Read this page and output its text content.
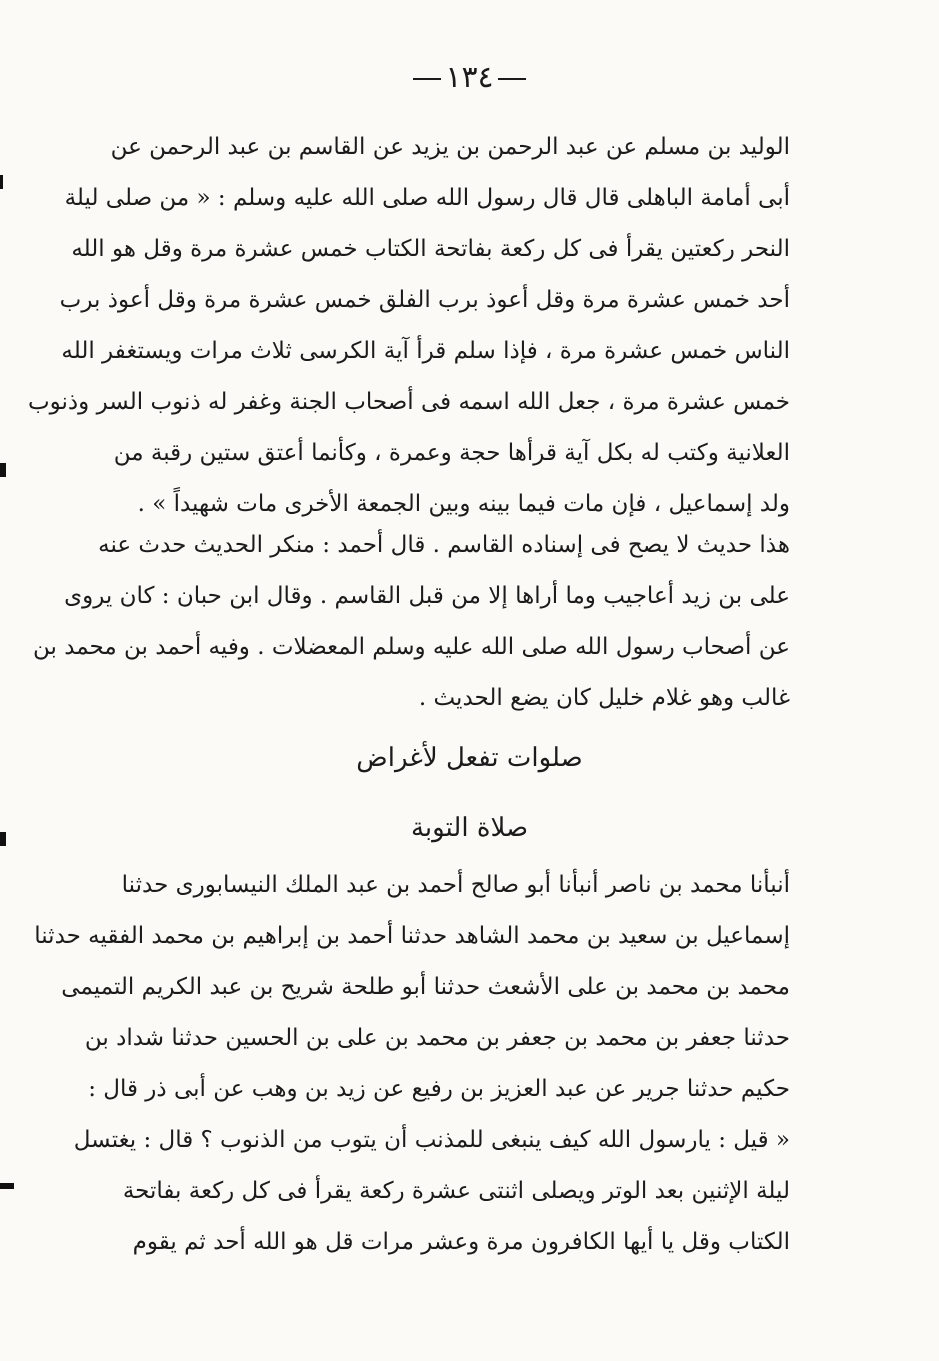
١٣٤
الوليد بن مسلم عن عبد الرحمن بن يزيد عن القاسم بن عبد الرحمن عن
أبى أمامة الباهلى قال قال رسول الله صلى الله عليه وسلم : « من صلى ليلة
النحر ركعتين يقرأ فى كل ركعة بفاتحة الكتاب خمس عشرة مرة وقل هو الله
أحد خمس عشرة مرة وقل أعوذ برب الفلق خمس عشرة مرة وقل أعوذ برب
الناس خمس عشرة مرة ، فإذا سلم قرأ آية الكرسى ثلاث مرات ويستغفر الله
خمس عشرة مرة ، جعل الله اسمه فى أصحاب الجنة وغفر له ذنوب السر وذنوب
العلانية وكتب له بكل آية قرأها حجة وعمرة ، وكأنما أعتق ستين رقبة من
ولد إسماعيل ، فإن مات فيما بينه وبين الجمعة الأخرى مات شهيداً » .
هذا حديث لا يصح فى إسناده القاسم . قال أحمد : منكر الحديث حدث عنه
على بن زيد أعاجيب وما أراها إلا من قبل القاسم . وقال ابن حبان : كان يروى
عن أصحاب رسول الله صلى الله عليه وسلم المعضلات . وفيه أحمد بن محمد بن
غالب وهو غلام خليل كان يضع الحديث .
صلوات تفعل لأغراض
صلاة التوبة
أنبأنا محمد بن ناصر أنبأنا أبو صالح أحمد بن عبد الملك النيسابورى حدثنا
إسماعيل بن سعيد بن محمد الشاهد حدثنا أحمد بن إبراهيم بن محمد الفقيه حدثنا
محمد بن محمد بن على الأشعث حدثنا أبو طلحة شريح بن عبد الكريم التميمى
حدثنا جعفر بن محمد بن جعفر بن محمد بن على بن الحسين حدثنا شداد بن
حكيم حدثنا جرير عن عبد العزيز بن رفيع عن زيد بن وهب عن أبى ذر قال :
« قيل : يارسول الله كيف ينبغى للمذنب أن يتوب من الذنوب ؟ قال : يغتسل
ليلة الإثنين بعد الوتر ويصلى اثنتى عشرة ركعة يقرأ فى كل ركعة بفاتحة
الكتاب وقل يا أيها الكافرون مرة وعشر مرات قل هو الله أحد ثم يقوم
